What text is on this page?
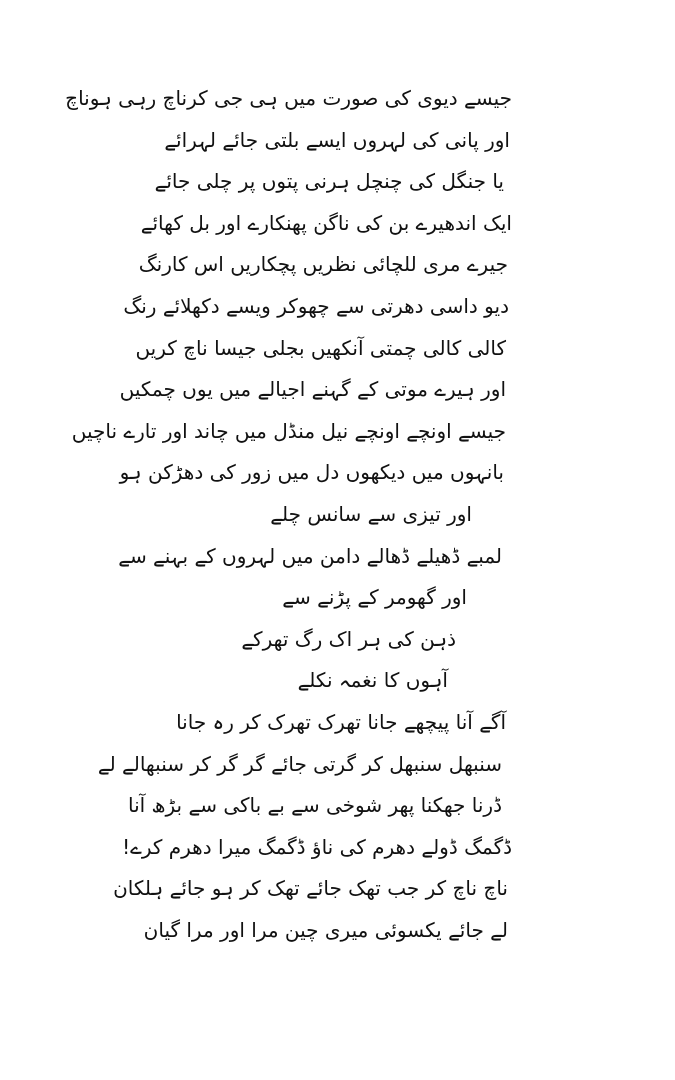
جیسے دیوی کی صورت میں ہی جی کرناچ رہی ہوناچ
اور پانی کی لہروں ایسے بلتی جائے لہرائے
یا جنگل کی چنچل ہرنی پتوں پر چلی جائے
ایک اندھیرے بن کی ناگن پھنکارے اور بل کھائے
جیرے مری للچائی نظریں پچکاریں اس کارنگ
دیو داسی دھرتی سے چھوکر ویسے دکھلائے رنگ
کالی کالی چمتی آنکھیں بجلی جیسا ناچ کریں
اور ہیرے موتی کے گہنے اجیالے میں یوں چمکیں
جیسے اونچے اونچے نیل منڈل میں چاند اور تارے ناچیں
بانہوں میں دیکھوں دل میں زور کی دھڑکن ہو
اور تیزی سے سانس چلے
لمبے ڈھیلے ڈھالے دامن میں لہروں کے بہنے سے
اور گھومر کے پڑنے سے
ذہن کی ہر اک رگ تھرکے
آہوں کا نغمہ نکلے
آگے آنا پیچھے جانا تھرک تھرک کر رہ جانا
سنبھل سنبھل کر گرتی جائے گر گر کر سنبھالے لے
ڈرنا جھکنا پھر شوخی سے بے باکی سے بڑھ آنا
ڈگمگ ڈولے دھرم کی ناؤ ڈگمگ میرا دھرم کرے!
ناچ ناچ کر جب تھک جائے تھک کر ہو جائے ہلکان
لے جائے یکسوئی میری چین مرا اور مرا گیان
